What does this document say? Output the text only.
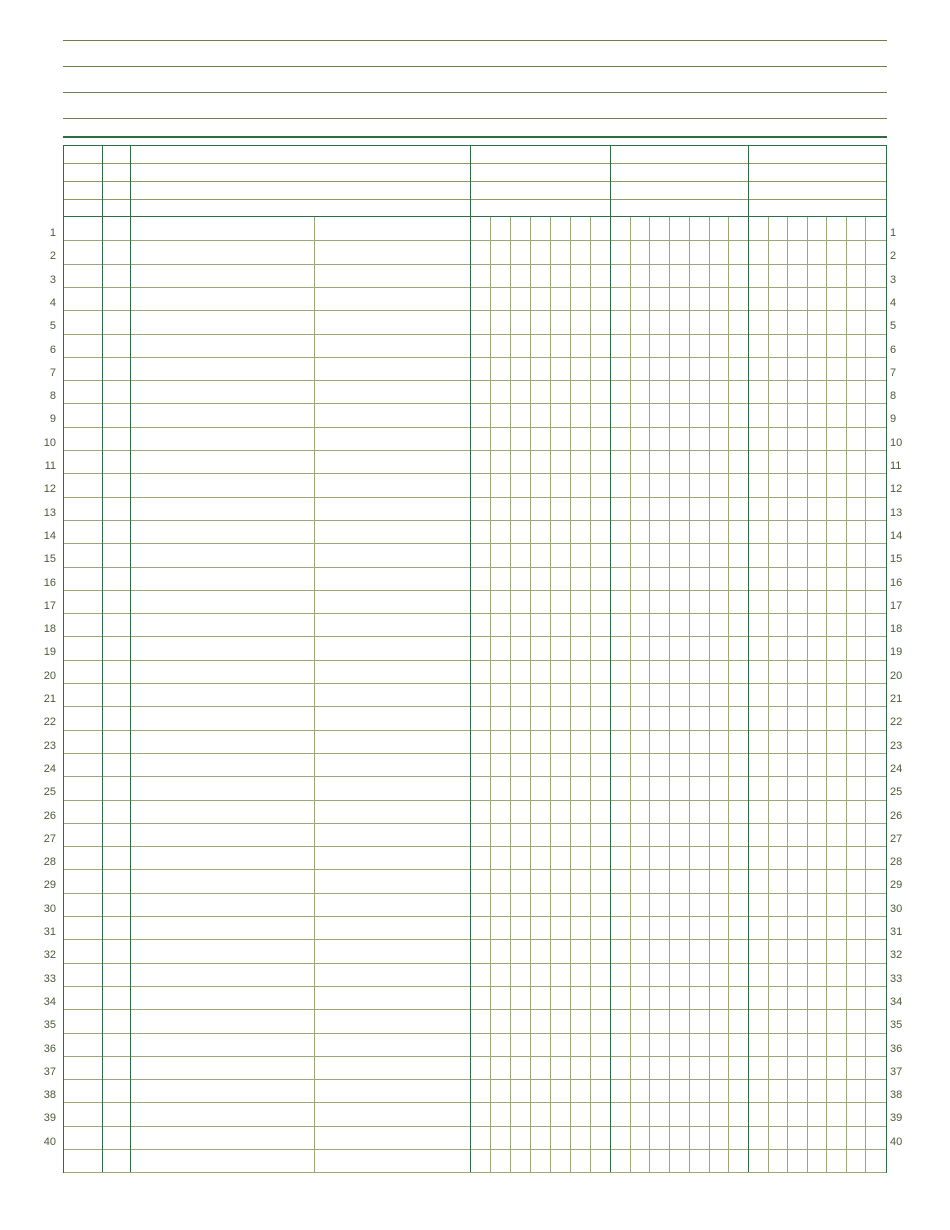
1
2
3
4
5
6
7
8
9
10
11
12
13
14
15
16
17
18
19
20
21
22
23
24
25
26
27
28
29
30
31
32
33
34
35
36
37
38
39
40
1
2
3
4
5
6
7
8
9
10
11
12
13
14
15
16
17
18
19
20
21
22
23
24
25
26
27
28
29
30
31
32
33
34
35
36
37
38
39
40
